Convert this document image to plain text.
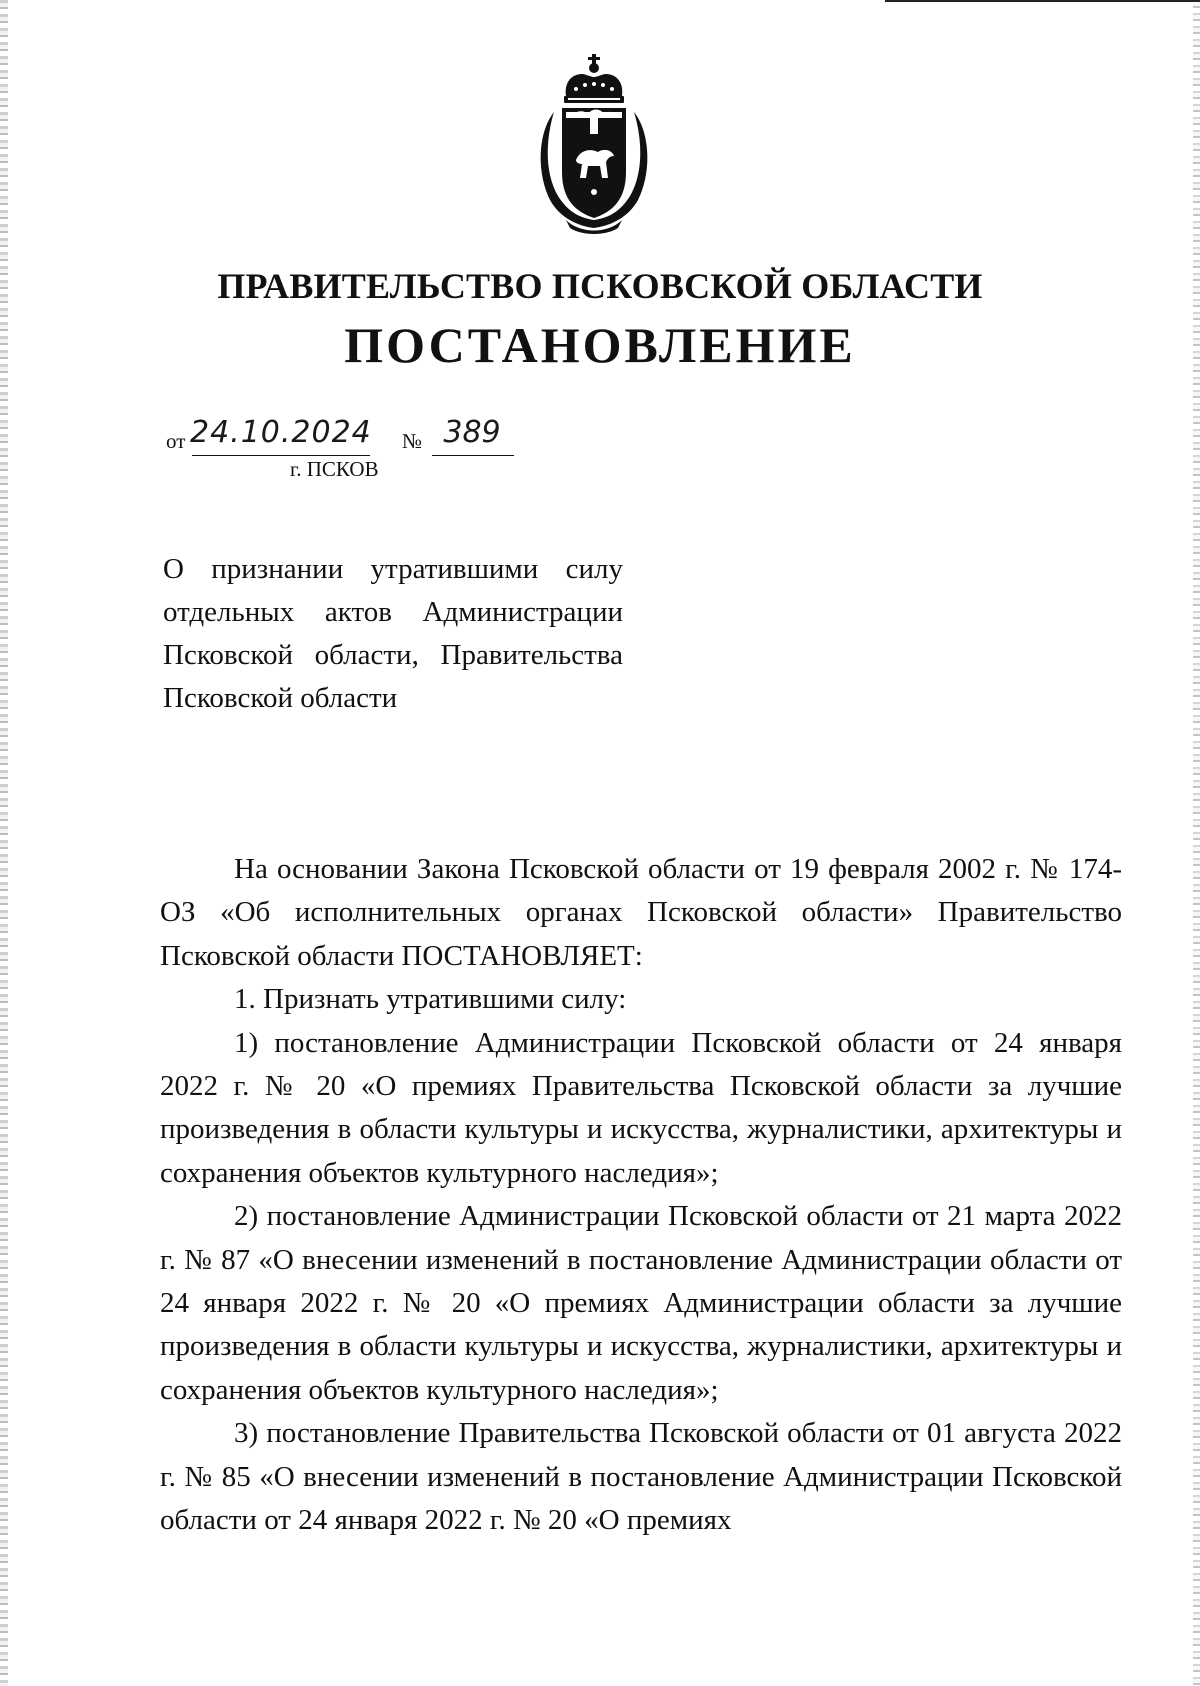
ПРАВИТЕЛЬСТВО ПСКОВСКОЙ ОБЛАСТИ
ПОСТАНОВЛЕНИЕ
от 24.10.2024 № 389
г. ПСКОВ
О признании утратившими силу
отдельных актов Администрации
Псковской области, Правительства
Псковской области

На основании Закона Псковской области от 19 февраля 2002 г. № 174-ОЗ «Об исполнительных органах Псковской области» Правительство Псковской области ПОСТАНОВЛЯЕТ:

1. Признать утратившими силу:

1) постановление Администрации Псковской области от 24 января 2022 г. № 20 «О премиях Правительства Псковской области за лучшие произведения в области культуры и искусства, журналистики, архитектуры и сохранения объектов культурного наследия»;

2) постановление Администрации Псковской области от 21 марта 2022 г. № 87 «О внесении изменений в постановление Администрации области от 24 января 2022 г. № 20 «О премиях Администрации области за лучшие произведения в области культуры и искусства, журналистики, архитектуры и сохранения объектов культурного наследия»;

3) постановление Правительства Псковской области от 01 августа 2022 г. № 85 «О внесении изменений в постановление Администрации Псковской области от 24 января 2022 г. № 20 «О премиях
